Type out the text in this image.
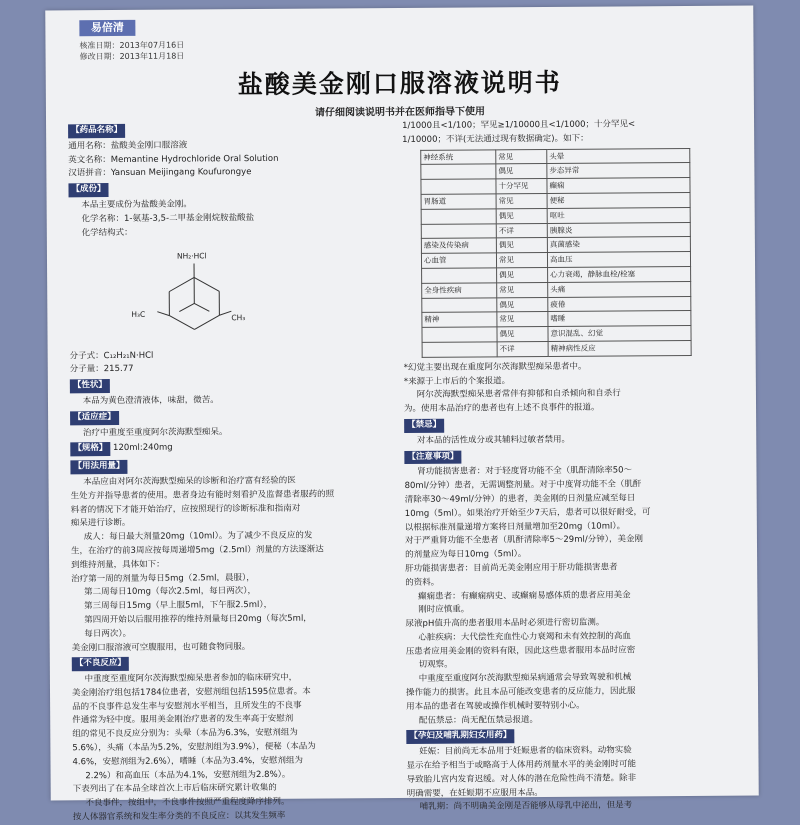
易倍清
核准日期：2013年07月16日
修改日期：2013年11月18日
盐酸美金刚口服溶液说明书
请仔细阅读说明书并在医师指导下使用
【药品名称】
通用名称：盐酸美金刚口服溶液
英文名称：Memantine Hydrochloride Oral Solution
汉语拼音：Yansuan Meijingang Koufurongye
【成份】
本品主要成份为盐酸美金刚。
化学名称：1-氨基-3,5-二甲基金刚烷胺盐酸盐
化学结构式：
NH₂·HCl
H₃C	CH₃
分子式：C₁₂H₂₁N·HCl
分子量：215.77
【性状】
本品为黄色澄清液体，味甜，微苦。
【适应症】
治疗中重度至重度阿尔茨海默型痴呆。
【规格】 120ml:240mg
【用法用量】
本品应由对阿尔茨海默型痴呆的诊断和治疗富有经验的医
生处方并指导患者的使用。患者身边有能时刻看护及监督患者服药的照
料者的情况下才能开始治疗，应按照现行的诊断标准和指南对
痴呆进行诊断。
成人：每日最大剂量20mg（10ml）。为了减少不良反应的发
生，在治疗的前3周应按每周递增5mg（2.5ml）剂量的方法逐渐达
到维持剂量，具体如下：
治疗第一周的剂量为每日5mg（2.5ml，晨服），
第二周每日10mg（每次2.5ml，每日两次），
第三周每日15mg（早上服5ml，下午服2.5ml），
第四周开始以后服用推荐的维持剂量每日20mg（每次5ml，
每日两次）。
美金刚口服溶液可空腹服用，也可随食物同服。
【不良反应】
中重度至重度阿尔茨海默型痴呆患者参加的临床研究中，
美金刚治疗组包括1784位患者，安慰剂组包括1595位患者。本
品的不良事件总发生率与安慰剂水平相当，且所发生的不良事
件通常为轻中度。服用美金刚治疗患者的发生率高于安慰剂
组的常见不良反应分别为：头晕（本品为6.3%，安慰剂组为
5.6%），头痛（本品为5.2%，安慰剂组为3.9%），便秘（本品为
4.6%，安慰剂组为2.6%），嗜睡（本品为3.4%，安慰剂组为
2.2%）和高血压（本品为4.1%，安慰剂组为2.8%）。
下表列出了在本品全球首次上市后临床研究累计收集的
不良事件，按组中，不良事件按照严重程度降序排列。
按人体器官系统和发生率分类的不良反应：以其发生频率
1/1000且<1/100；罕见≥1/10000且<1/1000；十分罕见<
1/10000；不详(无法通过现有数据确定)。如下：
神经系统	常见	头晕
	偶见	步态异常
	十分罕见	癫痫
胃肠道	常见	便秘
	偶见	呕吐
	不详	胰腺炎
感染及传染病	偶见	真菌感染
心血管	常见	高血压
	偶见	心力衰竭，静脉血栓/栓塞
全身性疾病	常见	头痛
	偶见	疲倦
精神	常见	嗜睡
	偶见	意识混乱、幻觉
	不详	精神病性反应
*幻觉主要出现在重度阿尔茨海默型痴呆患者中。
*来源于上市后的个案报道。
阿尔茨海默型痴呆患者常伴有抑郁和自杀倾向和自杀行
为。使用本品治疗的患者也有上述不良事件的报道。
【禁忌】
对本品的活性成分或其辅料过敏者禁用。
【注意事项】
肾功能损害患者：对于轻度肾功能不全（肌酐清除率50～
80ml/分钟）患者，无需调整剂量。对于中度肾功能不全（肌酐
清除率30～49ml/分钟）的患者，美金刚的日剂量应减至每日
10mg（5ml）。如果治疗开始至少7天后，患者可以很好耐受，可
以根据标准剂量递增方案将日剂量增加至20mg（10ml）。
对于严重肾功能不全患者（肌酐清除率5～29ml/分钟），美金刚
的剂量应为每日10mg（5ml）。
肝功能损害患者：目前尚无美金刚应用于肝功能损害患者
的资料。
癫痫患者：有癫痫病史、或癫痫易感体质的患者应用美金
刚时应慎重。
尿液pH值升高的患者服用本品时必须进行密切监测。
心脏疾病：大代偿性充血性心力衰竭和未有效控制的高血
压患者应用美金刚的资料有限，因此这些患者服用本品时应密
切观察。
中重度至重度阿尔茨海默型痴呆病通常会导致驾驶和机械
操作能力的损害。此且本品可能改变患者的反应能力，因此服
用本品的患者在驾驶或操作机械时要特别小心。
配伍禁忌：尚无配伍禁忌报道。
【孕妇及哺乳期妇女用药】
妊娠：目前尚无本品用于妊娠患者的临床资料。动物实验
显示在给予相当于或略高于人体用药剂量水平的美金刚时可能
导致胎儿宫内发育迟缓。对人体的潜在危险性尚不清楚。除非
明确需要，在妊娠期不应服用本品。
哺乳期：尚不明确美金刚是否能够从母乳中泌出，但是考
